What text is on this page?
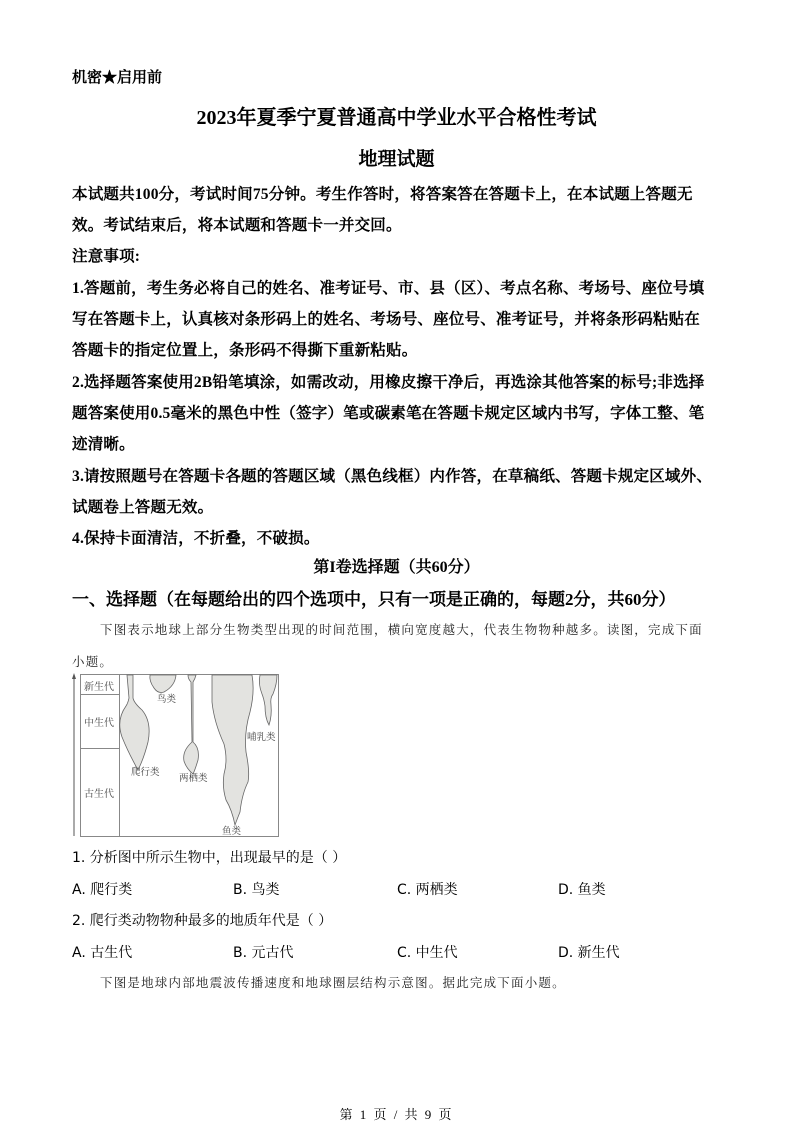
机密★启用前
2023年夏季宁夏普通高中学业水平合格性考试
地理试题
本试题共100分，考试时间75分钟。考生作答时，将答案答在答题卡上，在本试题上答题无
效。考试结束后，将本试题和答题卡一并交回。
注意事项:
1.答题前，考生务必将自己的姓名、准考证号、市、县（区）、考点名称、考场号、座位号填
写在答题卡上，认真核对条形码上的姓名、考场号、座位号、准考证号，并将条形码粘贴在
答题卡的指定位置上，条形码不得撕下重新粘贴。
2.选择题答案使用2B铅笔填涂，如需改动，用橡皮擦干净后，再选涂其他答案的标号;非选择
题答案使用0.5毫米的黑色中性（签字）笔或碳素笔在答题卡规定区域内书写，字体工整、笔
迹清晰。
3.请按照题号在答题卡各题的答题区域（黑色线框）内作答，在草稿纸、答题卡规定区域外、
试题卷上答题无效。
4.保持卡面清洁，不折叠，不破损。
第I卷选择题（共60分）
一、选择题（在每题给出的四个选项中，只有一项是正确的，每题2分，共60分）
下图表示地球上部分生物类型出现的时间范围，横向宽度越大，代表生物物种越多。读图，完成下面
小题。
新生代
中生代
古生代
鸟类
哺乳类
爬行类
两栖类
鱼类
1. 分析图中所示生物中，出现最早的是（ ）
A. 爬行类	B. 鸟类	C. 两栖类	D. 鱼类
2. 爬行类动物物种最多的地质年代是（ ）
A. 古生代	B. 元古代	C. 中生代	D. 新生代
下图是地球内部地震波传播速度和地球圈层结构示意图。据此完成下面小题。
第 1 页 / 共 9 页
